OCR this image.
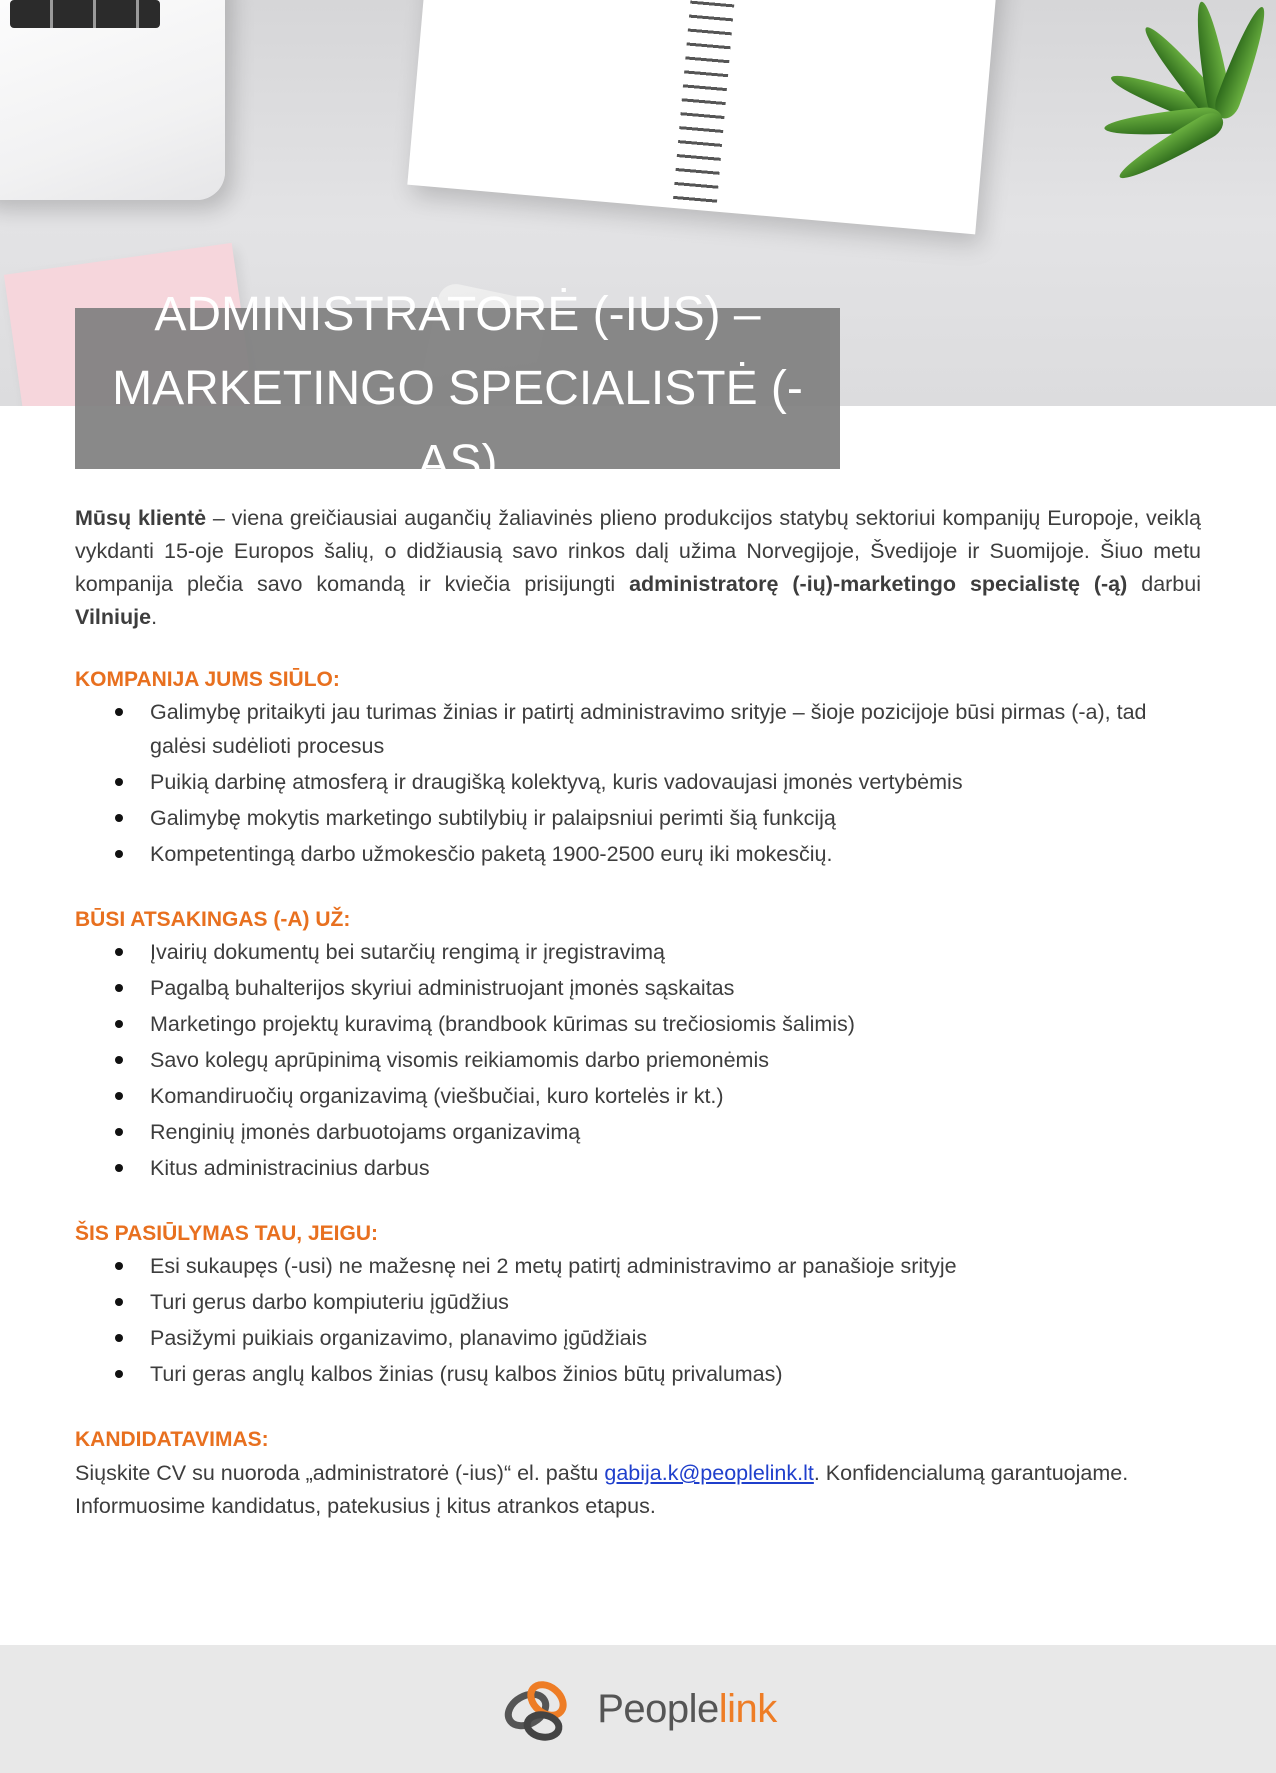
ADMINISTRATORĖ (-IUS) –
MARKETINGO SPECIALISTĖ (-AS)

Mūsų klientė – viena greičiausiai augančių žaliavinės plieno produkcijos statybų sektoriui kompanijų Europoje, veiklą vykdanti 15-oje Europos šalių, o didžiausią savo rinkos dalį užima Norvegijoje, Švedijoje ir Suomijoje. Šiuo metu kompanija plečia savo komandą ir kviečia prisijungti administratorę (-ių)-marketingo specialistę (-ą) darbui Vilniuje.

KOMPANIJA JUMS SIŪLO:
Galimybę pritaikyti jau turimas žinias ir patirtį administravimo srityje – šioje pozicijoje būsi pirmas (-a), tad galėsi sudėlioti procesus
Puikią darbinę atmosferą ir draugišką kolektyvą, kuris vadovaujasi įmonės vertybėmis
Galimybę mokytis marketingo subtilybių ir palaipsniui perimti šią funkciją
Kompetentingą darbo užmokesčio paketą 1900-2500 eurų iki mokesčių.
BŪSI ATSAKINGAS (-A) UŽ:
Įvairių dokumentų bei sutarčių rengimą ir įregistravimą
Pagalbą buhalterijos skyriui administruojant įmonės sąskaitas
Marketingo projektų kuravimą (brandbook kūrimas su trečiosiomis šalimis)
Savo kolegų aprūpinimą visomis reikiamomis darbo priemonėmis
Komandiruočių organizavimą (viešbučiai, kuro kortelės ir kt.)
Renginių įmonės darbuotojams organizavimą
Kitus administracinius darbus
ŠIS PASIŪLYMAS TAU, JEIGU:
Esi sukaupęs (-usi) ne mažesnę nei 2 metų patirtį administravimo ar panašioje srityje
Turi gerus darbo kompiuteriu įgūdžius
Pasižymi puikiais organizavimo, planavimo įgūdžiais
Turi geras anglų kalbos žinias (rusų kalbos žinios būtų privalumas)
KANDIDATAVIMAS:

Siųskite CV su nuoroda „administratorė (-ius)“ el. paštu gabija.k@peoplelink.lt. Konfidencialumą garantuojame. Informuosime kandidatus, patekusius į kitus atrankos etapus.

Peoplelink
